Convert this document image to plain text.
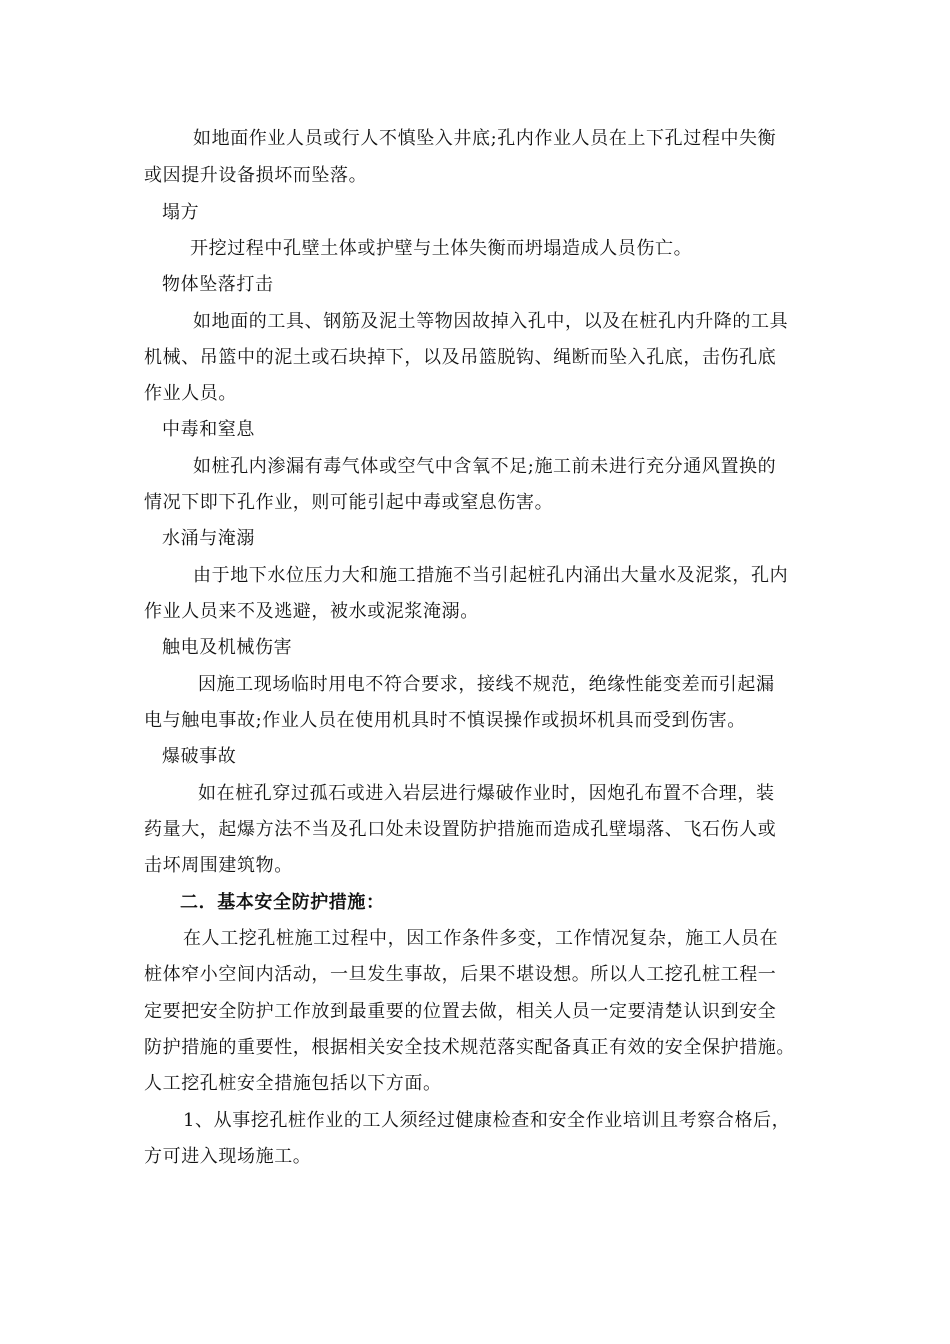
如地面作业人员或行人不慎坠入井底;孔内作业人员在上下孔过程中失衡
或因提升设备损坏而坠落。
塌方
开挖过程中孔壁土体或护壁与土体失衡而坍塌造成人员伤亡。
物体坠落打击
如地面的工具、钢筋及泥土等物因故掉入孔中，以及在桩孔内升降的工具
机械、吊篮中的泥土或石块掉下，以及吊篮脱钩、绳断而坠入孔底，击伤孔底
作业人员。
中毒和窒息
如桩孔内渗漏有毒气体或空气中含氧不足;施工前未进行充分通风置换的
情况下即下孔作业，则可能引起中毒或窒息伤害。
水涌与淹溺
由于地下水位压力大和施工措施不当引起桩孔内涌出大量水及泥浆，孔内
作业人员来不及逃避，被水或泥浆淹溺。
触电及机械伤害
因施工现场临时用电不符合要求，接线不规范，绝缘性能变差而引起漏
电与触电事故;作业人员在使用机具时不慎误操作或损坏机具而受到伤害。
爆破事故
如在桩孔穿过孤石或进入岩层进行爆破作业时，因炮孔布置不合理，装
药量大，起爆方法不当及孔口处未设置防护措施而造成孔壁塌落、飞石伤人或
击坏周围建筑物。
二．基本安全防护措施：
在人工挖孔桩施工过程中，因工作条件多变，工作情况复杂，施工人员在
桩体窄小空间内活动，一旦发生事故，后果不堪设想。所以人工挖孔桩工程一
定要把安全防护工作放到最重要的位置去做，相关人员一定要清楚认识到安全
防护措施的重要性，根据相关安全技术规范落实配备真正有效的安全保护措施。
人工挖孔桩安全措施包括以下方面。
1、从事挖孔桩作业的工人须经过健康检查和安全作业培训且考察合格后，
方可进入现场施工。
